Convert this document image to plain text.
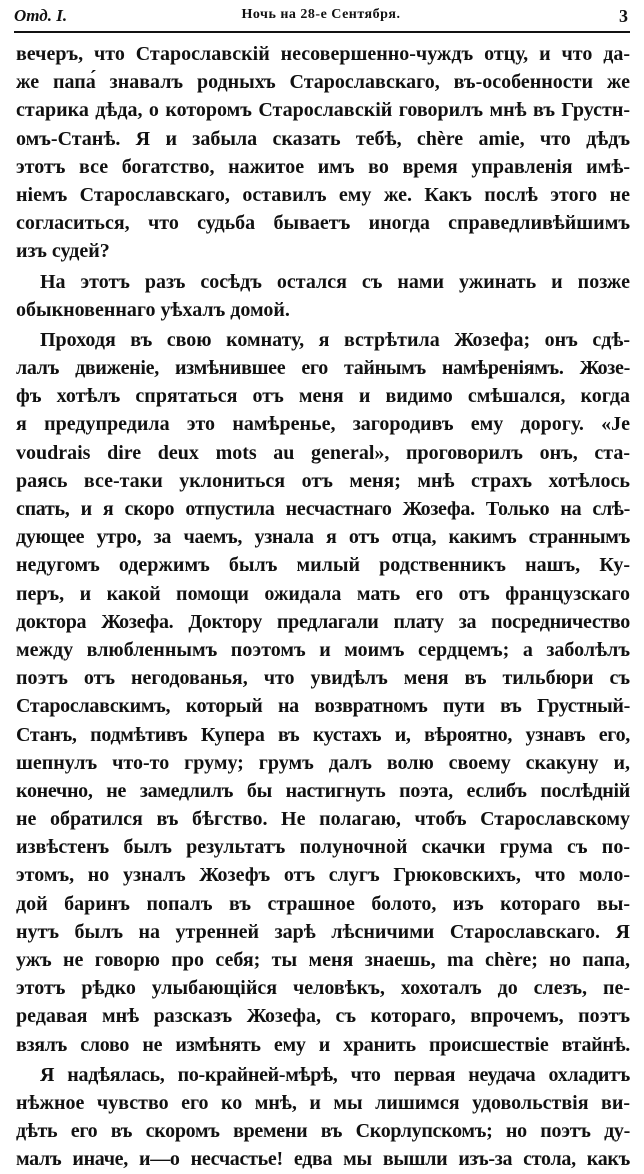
Отд. I.	Ночь на 28-е Сентября.	3
вечеръ, что Старославскій несовершенно-чуждъ отцу, и что да-
же папа́ знавалъ родныхъ Старославскаго, въ-особенности же
старика дѣда, о которомъ Старославскій говорилъ мнѣ въ Грустн-
омъ-Станѣ. Я и забыла сказать тебѣ, chère amie, что дѣдъ
этотъ все богатство, нажитое имъ во время управленія имѣ-
ніемъ Старославскаго, оставилъ ему же. Какъ послѣ этого не
согласиться, что судьба бываетъ иногда справедливѣйшимъ
изъ судей?
На этотъ разъ сосѣдъ остался съ нами ужинать и позже
обыкновеннаго уѣхалъ домой.
Проходя въ свою комнату, я встрѣтила Жозефа; онъ сдѣ-
лалъ движеніе, измѣнившее его тайнымъ намѣреніямъ. Жозе-
фъ хотѣлъ спрятаться отъ меня и видимо смѣшался, когда
я предупредила это намѣренье, загородивъ ему дорогу. «Je
voudrais dire deux mots au general», проговорилъ онъ, ста-
раясь все-таки уклониться отъ меня; мнѣ страхъ хотѣлось
спать, и я скоро отпустила несчастнаго Жозефа. Только на слѣ-
дующее утро, за чаемъ, узнала я отъ отца, какимъ страннымъ
недугомъ одержимъ былъ милый родственникъ нашъ, Ку-
перъ, и какой помощи ожидала мать его отъ французскаго
доктора Жозефа. Доктору предлагали плату за посредничество
между влюбленнымъ поэтомъ и моимъ сердцемъ; а заболѣлъ
поэтъ отъ негодованья, что увидѣлъ меня въ тильбюри съ
Старославскимъ, который на возвратномъ пути въ Грустный-
Станъ, подмѣтивъ Купера въ кустахъ и, вѣроятно, узнавъ его,
шепнулъ что-то груму; грумъ далъ волю своему скакуну и,
конечно, не замедлилъ бы настигнуть поэта, еслибъ послѣдній
не обратился въ бѣгство. Не полагаю, чтобъ Старославскому
извѣстенъ былъ результатъ полуночной скачки грума съ по-
этомъ, но узналъ Жозефъ отъ слугъ Грюковскихъ, что моло-
дой баринъ попалъ въ страшное болото, изъ котораго вы-
нутъ былъ на утренней зарѣ лѣсничими Старославскаго. Я
ужъ не говорю про себя; ты меня знаешь, ma chère; но папа,
этотъ рѣдко улыбающійся человѣкъ, хохоталъ до слезъ, пе-
редавая мнѣ разсказъ Жозефа, съ котораго, впрочемъ, поэтъ
взялъ слово не измѣнять ему и хранить происшествіе втайнѣ.
Я надѣялась, по-крайней-мѣрѣ, что первая неудача охладитъ
нѣжное чувство его ко мнѣ, и мы лишимся удовольствія ви-
дѣть его въ скоромъ времени въ Скорлупскомъ; но поэтъ ду-
малъ иначе, и—о несчастье! едва мы вышли изъ-за стола, какъ
